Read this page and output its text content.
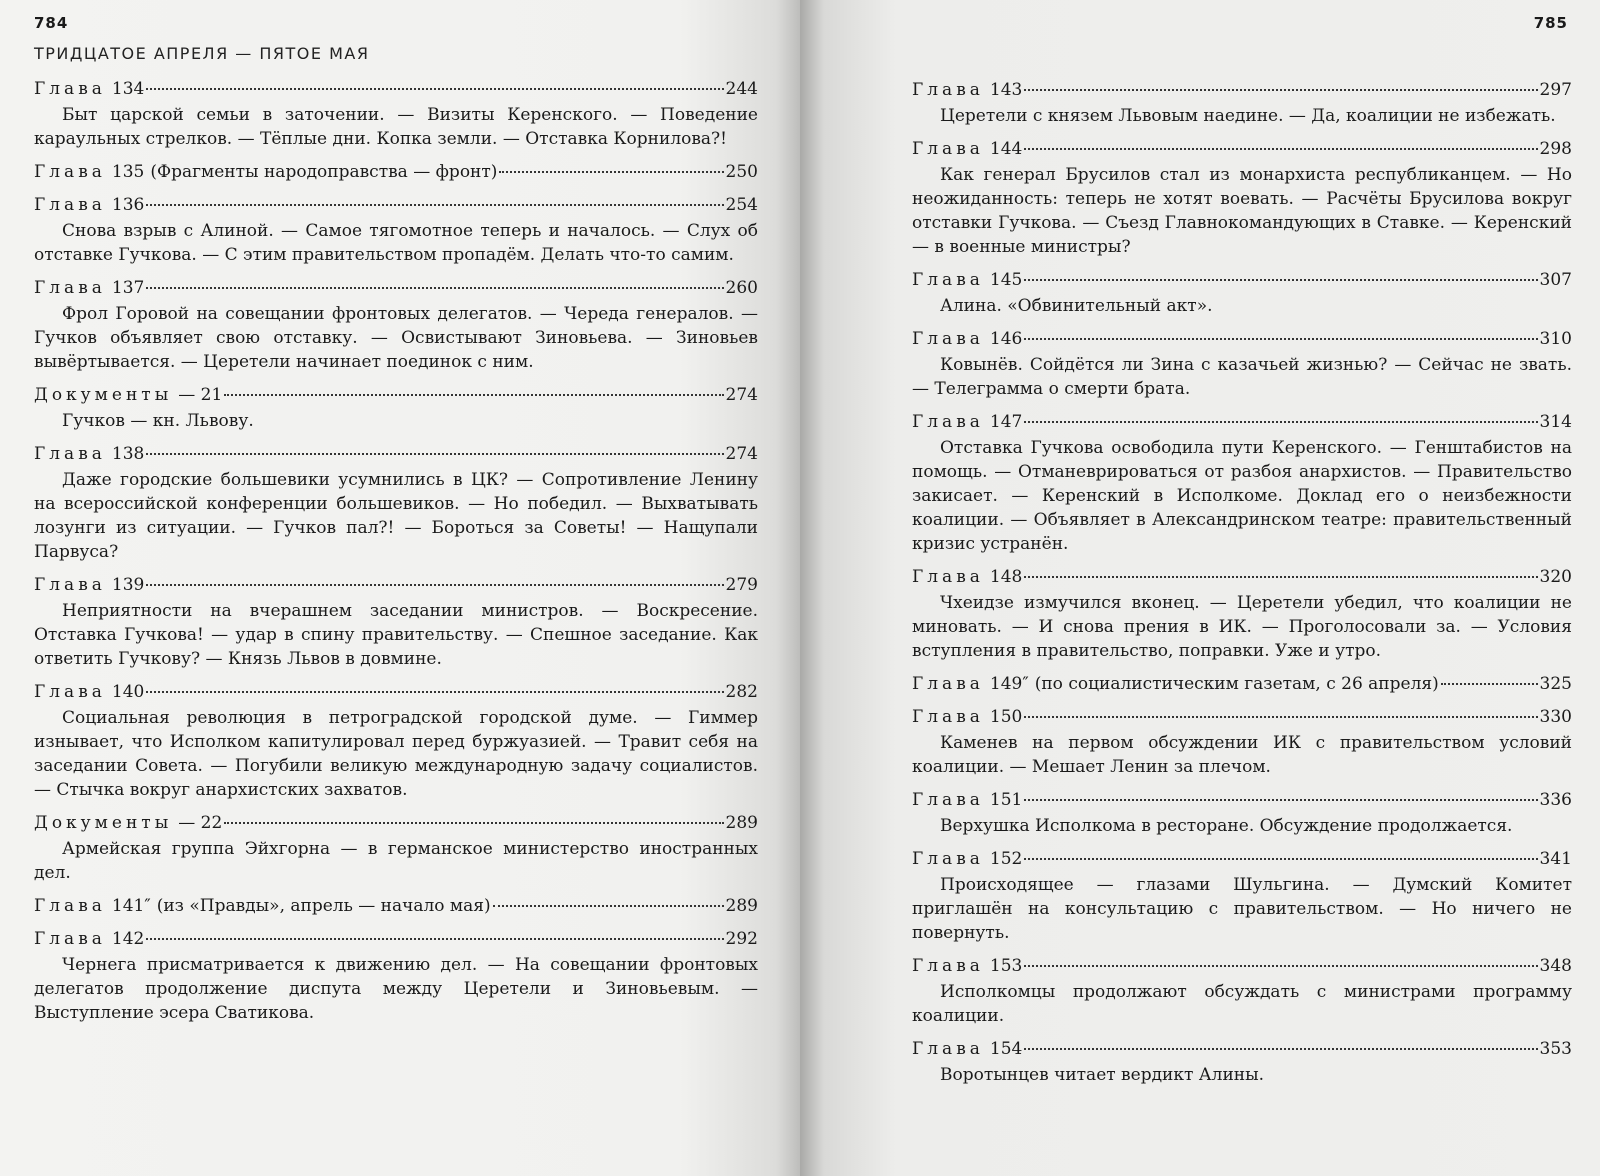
784
ТРИДЦАТОЕ АПРЕЛЯ — ПЯТОЕ МАЯ
Глава 134	244
Быт царской семьи в заточении. — Визиты Керенского. — Поведение караульных стрелков. — Тёплые дни. Копка земли. — Отставка Корнилова?!
Глава 135 (Фрагменты народоправства — фронт)	250
Глава 136	254
Снова взрыв с Алиной. — Самое тягомотное теперь и началось. — Слух об отставке Гучкова. — С этим правительством пропадём. Делать что-то самим.
Глава 137	260
Фрол Горовой на совещании фронтовых делегатов. — Череда генералов. — Гучков объявляет свою отставку. — Освистывают Зиновьева. — Зиновьев вывёртывается. — Церетели начинает поединок с ним.
Документы — 21	274
Гучков — кн. Львову.
Глава 138	274
Даже городские большевики усумнились в ЦК? — Сопротивление Ленину на всероссийской конференции большевиков. — Но победил. — Выхватывать лозунги из ситуации. — Гучков пал?! — Бороться за Советы! — Нащупали Парвуса?
Глава 139	279
Неприятности на вчерашнем заседании министров. — Воскресение. Отставка Гучкова! — удар в спину правительству. — Спешное заседание. Как ответить Гучкову? — Князь Львов в довмине.
Глава 140	282
Социальная революция в петроградской городской думе. — Гиммер изнывает, что Исполком капитулировал перед буржуазией. — Травит себя на заседании Совета. — Погубили великую международную задачу социалистов. — Стычка вокруг анархистских захватов.
Документы — 22	289
Армейская группа Эйхгорна — в германское министерство иностранных дел.
Глава 141″ (из «Правды», апрель — начало мая)	289
Глава 142	292
Чернега присматривается к движению дел. — На совещании фронтовых делегатов продолжение диспута между Церетели и Зиновьевым. — Выступление эсера Сватикова.
785
Глава 143	297
Церетели с князем Львовым наедине. — Да, коалиции не избежать.
Глава 144	298
Как генерал Брусилов стал из монархиста республиканцем. — Но неожиданность: теперь не хотят воевать. — Расчёты Брусилова вокруг отставки Гучкова. — Съезд Главнокомандующих в Ставке. — Керенский — в военные министры?
Глава 145	307
Алина. «Обвинительный акт».
Глава 146	310
Ковынёв. Сойдётся ли Зина с казачьей жизнью? — Сейчас не звать. — Телеграмма о смерти брата.
Глава 147	314
Отставка Гучкова освободила пути Керенского. — Генштабистов на помощь. — Отманеврироваться от разбоя анархистов. — Правительство закисает. — Керенский в Исполкоме. Доклад его о неизбежности коалиции. — Объявляет в Александринском театре: правительственный кризис устранён.
Глава 148	320
Чхеидзе измучился вконец. — Церетели убедил, что коалиции не миновать. — И снова прения в ИК. — Проголосовали за. — Условия вступления в правительство, поправки. Уже и утро.
Глава 149″ (по социалистическим газетам, с 26 апреля)	325
Глава 150	330
Каменев на первом обсуждении ИК с правительством условий коалиции. — Мешает Ленин за плечом.
Глава 151	336
Верхушка Исполкома в ресторане. Обсуждение продолжается.
Глава 152	341
Происходящее — глазами Шульгина. — Думский Комитет приглашён на консультацию с правительством. — Но ничего не повернуть.
Глава 153	348
Исполкомцы продолжают обсуждать с министрами программу коалиции.
Глава 154	353
Воротынцев читает вердикт Алины.
